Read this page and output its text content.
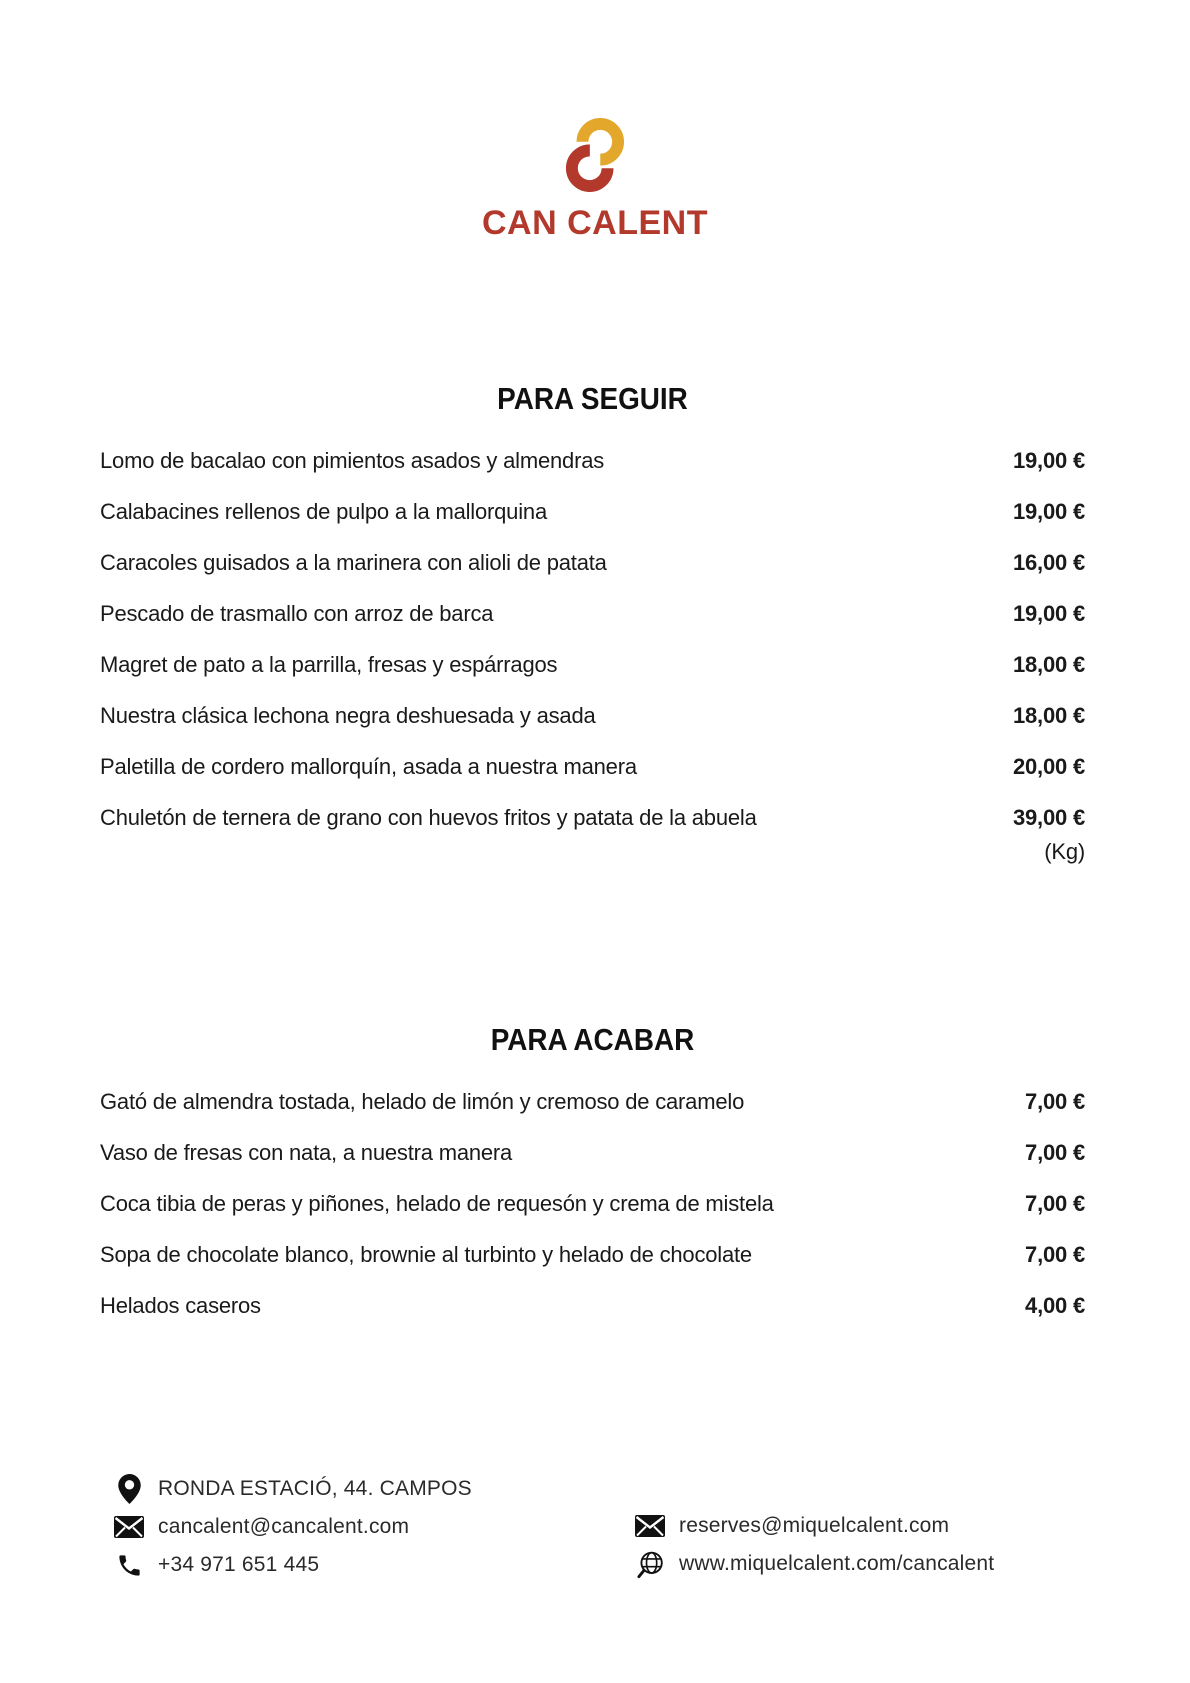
CAN CALENT
PARA SEGUIR
Lomo de bacalao con pimientos asados y almendras	19,00 €
Calabacines rellenos de pulpo a la mallorquina	19,00 €
Caracoles guisados a la marinera con alioli de patata	16,00 €
Pescado de trasmallo con arroz de barca	19,00 €
Magret de pato a la parrilla, fresas y espárragos	18,00 €
Nuestra clásica lechona negra deshuesada y asada	18,00 €
Paletilla de cordero mallorquín, asada a nuestra manera	20,00 €
Chuletón de ternera de grano con huevos fritos y patata de la abuela	39,00 €
(Kg)
PARA ACABAR
Gató de almendra tostada, helado de limón y cremoso de caramelo	7,00 €
Vaso de fresas con nata, a nuestra manera	7,00 €
Coca tibia de peras y piñones, helado de requesón y crema de mistela	7,00 €
Sopa de chocolate blanco, brownie al turbinto y helado de chocolate	7,00 €
Helados caseros	4,00 €
RONDA ESTACIÓ, 44. CAMPOS
cancalent@cancalent.com
+34 971 651 445
reserves@miquelcalent.com
www.miquelcalent.com/cancalent
